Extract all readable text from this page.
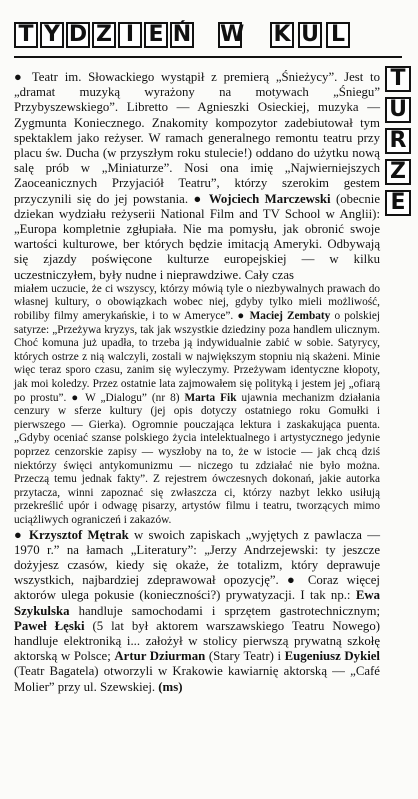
T Y D Z I E Ń W K U L
T
U
R
Z
E

● Teatr im. Słowackiego wystąpił z premierą „Śnieżycy”. Jest to „dramat muzyką wyrażony na motywach „Śniegu” Przybyszewskiego”. Libretto — Agnieszki Osieckiej, muzyka — Zygmunta Koniecznego. Znakomity kompozytor zadebiutował tym spektaklem jako reżyser. W ramach generalnego remontu teatru przy placu św. Ducha (w przyszłym roku stulecie!) oddano do użytku nową salę prób w „Miniaturze”. Nosi ona imię „Najwierniejszych Zaoceanicznych Przyjaciół Teatru”, którzy szerokim gestem przyczynili się do jej powstania. ● Wojciech Marczewski (obecnie dziekan wydziału reżyserii National Film and TV School w Anglii): „Europa kompletnie zgłupiała. Nie ma pomysłu, jak obronić swoje wartości kulturowe, ber których będzie imitacją Ameryki. Odbywają się zjazdy poświęcone kulturze europejskiej — w kilku uczestniczyłem, były nudne i nieprawdziwe. Cały czas

miałem uczucie, że ci wszyscy, którzy mówią tyle o niezbywalnych prawach do własnej kultury, o obowiązkach wobec niej, gdyby tylko mieli możliwość, robiliby filmy amerykańskie, i to w Ameryce”. ● Maciej Zembaty o polskiej satyrze: „Przeżywa kryzys, tak jak wszystkie dziedziny poza handlem ulicznym. Choć komuna już upadła, to trzeba ją indywidualnie zabić w sobie. Satyrycy, których ostrze z nią walczyli, zostali w największym stopniu nią skażeni. Minie więc teraz sporo czasu, zanim się wyleczymy. Przeżywam identyczne kłopoty, jak moi koledzy. Przez ostatnie lata zajmowałem się polityką i jestem jej „ofiarą po prostu”. ● W „Dialogu” (nr 8) Marta Fik ujawnia mechanizm działania cenzury w sferze kultury (jej opis dotyczy ostatniego roku Gomułki i pierwszego — Gierka). Ogromnie pouczająca lektura i zaskakująca puenta. „Gdyby oceniać szanse polskiego życia intelektualnego i artystycznego jedynie poprzez cenzorskie zapisy — wyszłoby na to, że w istocie — jak chcą dziś niektórzy święci antykomunizmu — niczego tu zdziałać nie było można. Przeczą temu jednak fakty”. Z rejestrem ówczesnych dokonań, jakie autorka przytacza, winni zapoznać się zwłaszcza ci, którzy nazbyt lekko usiłują przekreślić upór i odwagę pisarzy, artystów filmu i teatru, tworzących mimo uciążliwych ograniczeń i zakazów.

● Krzysztof Mętrak w swoich zapiskach „wyjętych z pawlacza — 1970 r.” na łamach „Literatury”: „Jerzy Andrzejewski: ty jeszcze dożyjesz czasów, kiedy się okaże, że totalizm, który deprawuje wszystkich, najbardziej zdeprawował opozycję”. ● Coraz więcej aktorów ulega pokusie (konieczności?) prywatyzacji. I tak np.: Ewa Szykulska handluje samochodami i sprzętem gastrotechnicznym; Paweł Łęski (5 lat był aktorem warszawskiego Teatru Nowego) handluje elektroniką i... założył w stolicy pierwszą prywatną szkołę aktorską w Polsce; Artur Dziurman (Stary Teatr) i Eugeniusz Dykiel (Teatr Bagatela) otworzyli w Krakowie kawiarnię aktorską — „Café Molier” przy ul. Szewskiej. (ms)
